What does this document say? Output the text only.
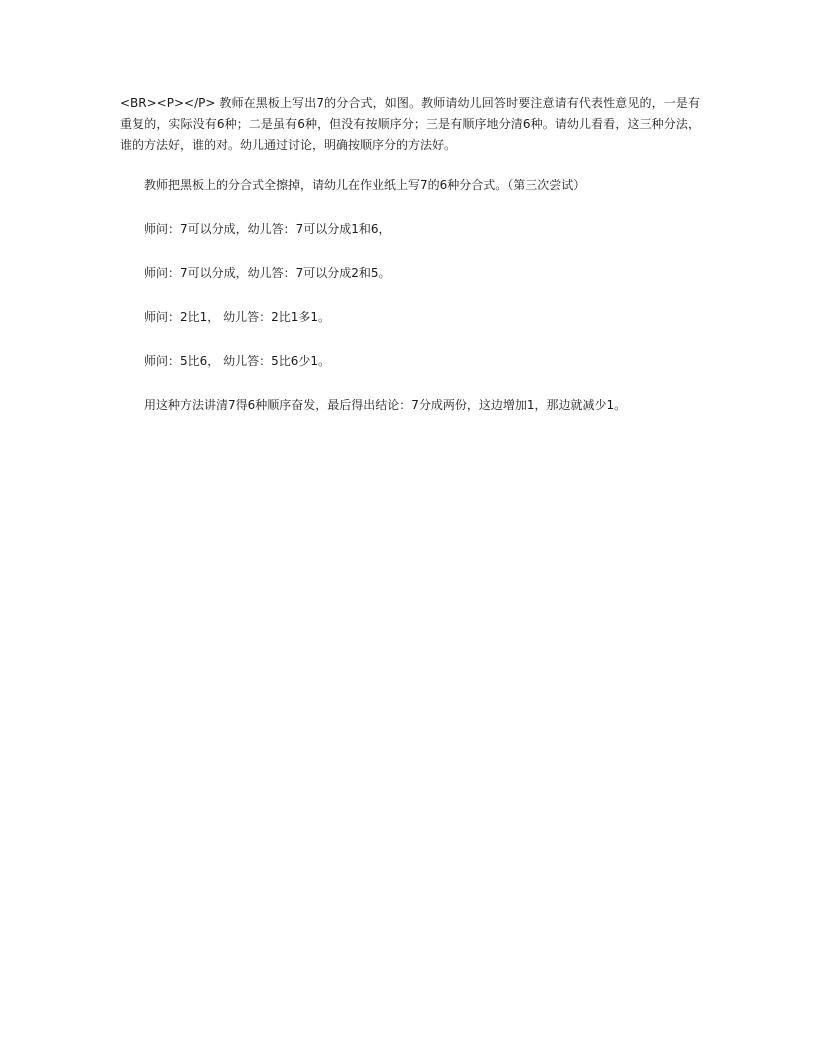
<BR><P></P> 教师在黑板上写出7的分合式，如图。教师请幼儿回答时要注意请有代表性意见的，一是有重复的，实际没有6种；二是虽有6种，但没有按顺序分；三是有顺序地分清6种。请幼儿看看，这三种分法，谁的方法好，谁的对。幼儿通过讨论，明确按顺序分的方法好。

教师把黑板上的分合式全擦掉，请幼儿在作业纸上写7的6种分合式。（第三次尝试）

师问：7可以分成，幼儿答：7可以分成1和6，

师问：7可以分成，幼儿答：7可以分成2和5。

师问：2比1， 幼儿答：2比1多1。

师问：5比6， 幼儿答：5比6少1。

用这种方法讲清7得6种顺序奋发，最后得出结论：7分成两份，这边增加1，那边就减少1。
